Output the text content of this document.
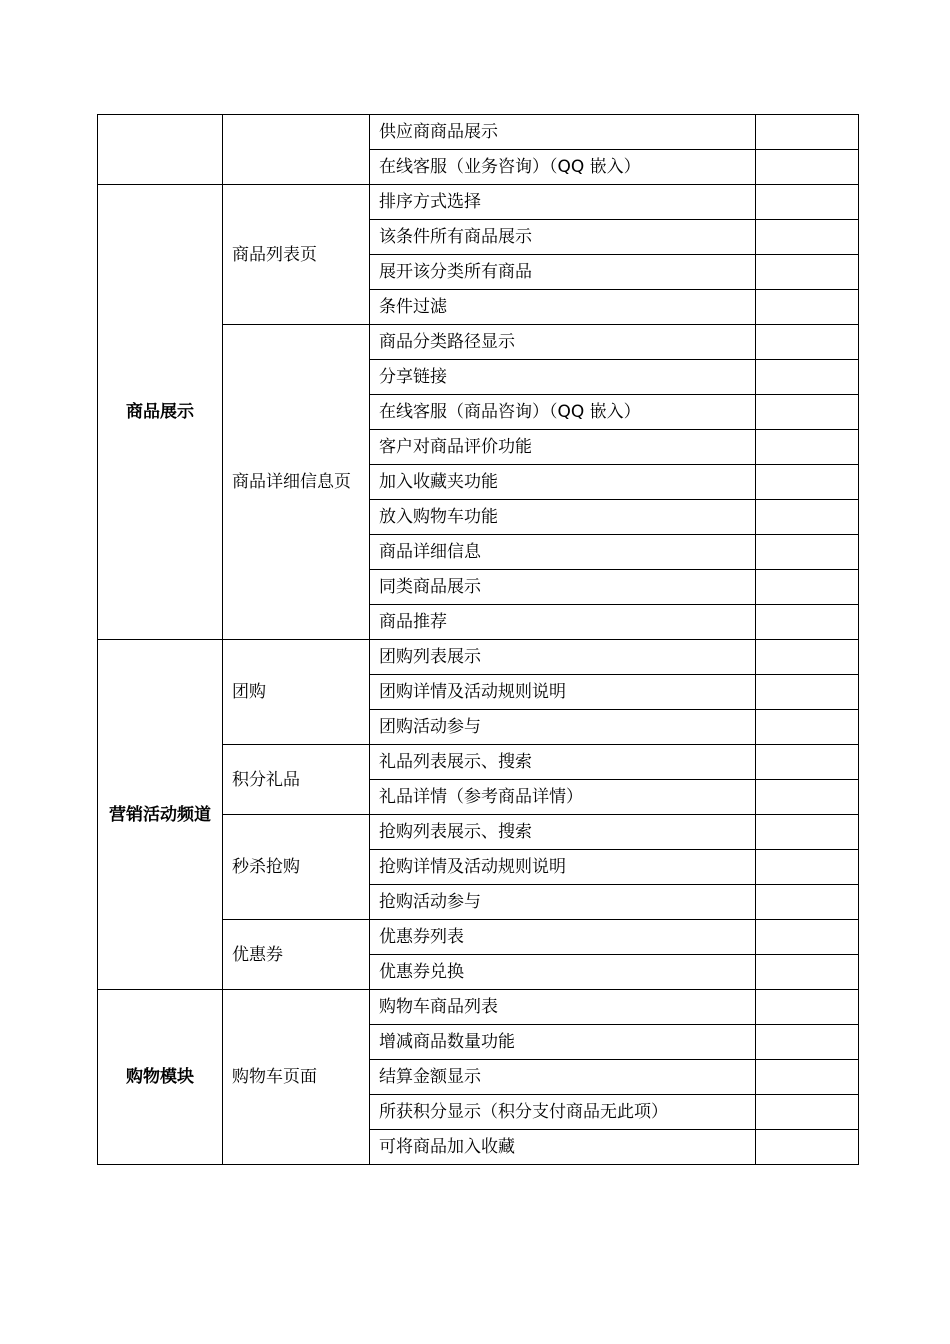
		供应商商品展示	
		在线客服（业务咨询）（QQ 嵌入）	
商品展示	商品列表页	排序方式选择	
		该条件所有商品展示	
		展开该分类所有商品	
		条件过滤	
	商品详细信息页	商品分类路径显示	
		分享链接	
		在线客服（商品咨询）（QQ 嵌入）	
		客户对商品评价功能	
		加入收藏夹功能	
		放入购物车功能	
		商品详细信息	
		同类商品展示	
		商品推荐	
营销活动频道	团购	团购列表展示	
		团购详情及活动规则说明	
		团购活动参与	
	积分礼品	礼品列表展示、搜索	
		礼品详情（参考商品详情）	
	秒杀抢购	抢购列表展示、搜索	
		抢购详情及活动规则说明	
		抢购活动参与	
	优惠券	优惠券列表	
		优惠券兑换	
购物模块	购物车页面	购物车商品列表	
		增减商品数量功能	
		结算金额显示	
		所获积分显示（积分支付商品无此项）	
		可将商品加入收藏	
